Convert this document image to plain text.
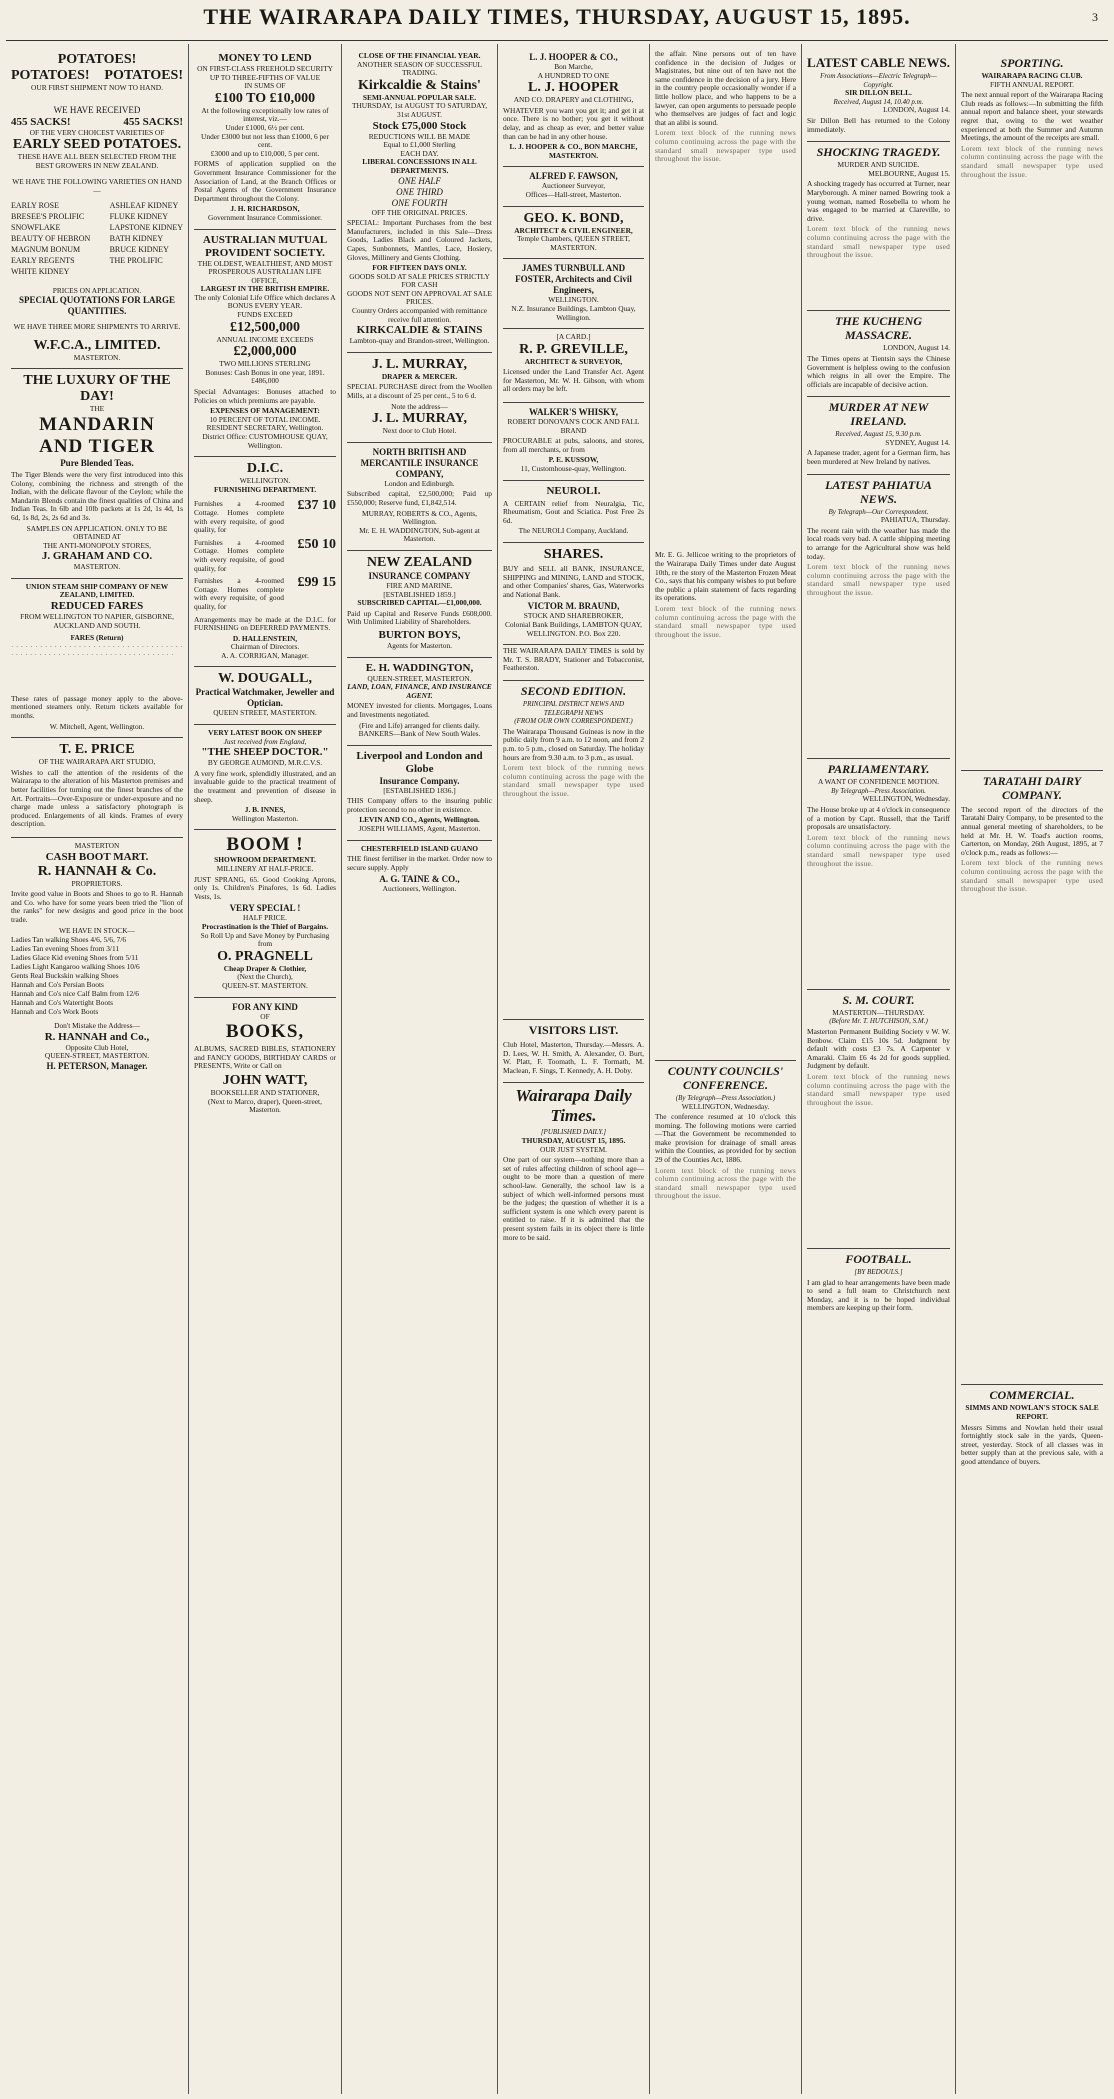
THE WAIRARAPA DAILY TIMES, THURSDAY, AUGUST 15, 1895.	3
POTATOES!
POTATOES! POTATOES!
OUR FIRST SHIPMENT NOW TO HAND.
WE HAVE RECEIVED
455 SACKS!	455 SACKS!
OF THE VERY CHOICEST VARIETIES OF
EARLY SEED POTATOES.
THESE HAVE ALL BEEN SELECTED FROM THE BEST GROWERS IN NEW ZEALAND.
WE HAVE THE FOLLOWING VARIETIES ON HAND—
EARLY ROSE
BRESEE'S PROLIFIC
SNOWFLAKE
BEAUTY OF HEBRON
MAGNUM BONUM
EARLY REGENTS
WHITE KIDNEY
ASHLEAF KIDNEY
FLUKE KIDNEY
LAPSTONE KIDNEY
BATH KIDNEY
BRUCE KIDNEY
THE PROLIFIC
PRICES ON APPLICATION.
SPECIAL QUOTATIONS FOR LARGE QUANTITIES.
WE HAVE THREE MORE SHIPMENTS TO ARRIVE.
W.F.C.A., LIMITED.
MASTERTON.
THE LUXURY OF THE DAY!
THE
MANDARIN
AND TIGER
Pure Blended Teas.
The Tiger Blends were the very first introduced into this Colony, combining the richness and strength of the Indian, with the delicate flavour of the Ceylon; while the Mandarin Blends contain the finest qualities of China and Indian Teas. In 6lb and 10lb packets at 1s 2d, 1s 4d, 1s 6d, 1s 8d, 2s, 2s 6d and 3s.
SAMPLES ON APPLICATION. ONLY TO BE OBTAINED AT
THE ANTI-MONOPOLY STORES,
J. GRAHAM AND CO.
MASTERTON.
UNION STEAM SHIP COMPANY OF NEW ZEALAND, LIMITED.
REDUCED FARES
FROM WELLINGTON TO NAPIER, GISBORNE, AUCKLAND AND SOUTH.
FARES (Return)
· · · · · · · · · · · · · · · · · · · · · · · · · · · · · · · · · · · · · · · · · · · · · · · · · · · · · · · · · · · · · · · · · · · · · · ·
These rates of passage money apply to the above-mentioned steamers only. Return tickets available for months.
W. Mitchell, Agent, Wellington.
T. E. PRICE
OF THE WAIRARAPA ART STUDIO,
Wishes to call the attention of the residents of the Wairarapa to the alteration of his Masterton premises and better facilities for turning out the finest branches of the Art. Portraits—Over-Exposure or under-exposure and no charge made unless a satisfactory photograph is produced. Enlargements of all kinds. Frames of every description.
MASTERTON
CASH BOOT MART.
R. HANNAH & Co.
PROPRIETORS.
Invite good value in Boots and Shoes to go to R. Hannah and Co. who have for some years been tried the "lion of the ranks" for new designs and good price in the boot trade.
WE HAVE IN STOCK—
Ladies Tan walking Shoes 4/6, 5/6, 7/6
Ladies Tan evening Shoes from 3/11
Ladies Glace Kid evening Shoes from 5/11
Ladies Light Kangaroo walking Shoes 10/6
Gents Real Buckskin walking Shoes
Hannah and Co's Persian Boots
Hannah and Co's nice Calf Balm from 12/6
Hannah and Co's Watertight Boots
Hannah and Co's Work Boots
Don't Mistake the Address—
R. HANNAH and Co.,
Opposite Club Hotel,
QUEEN-STREET, MASTERTON.
H. PETERSON, Manager.
MONEY TO LEND
ON FIRST-CLASS FREEHOLD SECURITY
UP TO THREE-FIFTHS OF VALUE
IN SUMS OF
£100 TO £10,000
At the following exceptionally low rates of interest, viz.—
Under £1000, 6½ per cent.
Under £3000 but not less than £1000, 6 per cent.
£3000 and up to £10,000, 5 per cent.
FORMS of application supplied on the Government Insurance Commissioner for the Association of Land, at the Branch Offices or Postal Agents of the Government Insurance Department throughout the Colony.
J. H. RICHARDSON,
Government Insurance Commissioner.
AUSTRALIAN MUTUAL PROVIDENT SOCIETY.
THE OLDEST, WEALTHIEST, AND MOST PROSPEROUS AUSTRALIAN LIFE OFFICE,
LARGEST IN THE BRITISH EMPIRE.
The only Colonial Life Office which declares A BONUS EVERY YEAR.
FUNDS EXCEED
£12,500,000
ANNUAL INCOME EXCEEDS
£2,000,000
TWO MILLIONS STERLING
Bonuses: Cash Bonus in one year, 1891. £486,000
Special Advantages: Bonuses attached to Policies on which premiums are payable.
EXPENSES OF MANAGEMENT:
10 PERCENT OF TOTAL INCOME.
RESIDENT SECRETARY, Wellington.
District Office: CUSTOMHOUSE QUAY, Wellington.
D.I.C.
WELLINGTON.
FURNISHING DEPARTMENT.
Furnishes a 4-roomed Cottage. Homes complete with every requisite, of good quality, for
£37 10
Furnishes a 4-roomed Cottage. Homes complete with every requisite, of good quality, for
£50 10
Furnishes a 4-roomed Cottage. Homes complete with every requisite, of good quality, for
£99 15
Arrangements may be made at the D.I.C. for FURNISHING on DEFERRED PAYMENTS.
D. HALLENSTEIN,
Chairman of Directors.
A. A. CORRIGAN, Manager.
W. DOUGALL,
Practical Watchmaker, Jeweller and Optician.
QUEEN STREET, MASTERTON.
VERY LATEST BOOK ON SHEEP
Just received from England,
"THE SHEEP DOCTOR."
BY GEORGE AUMOND, M.R.C.V.S.
A very fine work, splendidly illustrated, and an invaluable guide to the practical treatment of the treatment and prevention of disease in sheep.
J. B. INNES,
Wellington Masterton.
BOOM !
SHOWROOM DEPARTMENT.
MILLINERY AT HALF-PRICE.
JUST SPRANG, 65. Good Cooking Aprons, only 1s. Children's Pinafores, 1s 6d. Ladies Vests, 1s.
VERY SPECIAL !
HALF PRICE.
Procrastination is the Thief of Bargains.
So Roll Up and Save Money by Purchasing from
O. PRAGNELL
Cheap Draper & Clothier,
(Next the Church),
QUEEN-ST. MASTERTON.
FOR ANY KIND
OF
BOOKS,
ALBUMS, SACRED BIBLES, STATIONERY and FANCY GOODS, BIRTHDAY CARDS or PRESENTS, Write or Call on
JOHN WATT,
BOOKSELLER AND STATIONER,
(Next to Marco, draper), Queen-street, Masterton.
CLOSE OF THE FINANCIAL YEAR.
ANOTHER SEASON OF SUCCESSFUL TRADING.
Kirkcaldie & Stains'
SEMI-ANNUAL POPULAR SALE.
THURSDAY, 1st AUGUST TO SATURDAY, 31st AUGUST.
Stock £75,000 Stock
REDUCTIONS WILL BE MADE
Equal to £1,000 Sterling
EACH DAY.
LIBERAL CONCESSIONS IN ALL DEPARTMENTS.
ONE HALF
ONE THIRD
ONE FOURTH
OFF THE ORIGINAL PRICES.
SPECIAL: Important Purchases from the best Manufacturers, included in this Sale—Dress Goods, Ladies Black and Coloured Jackets, Capes, Sunbonnets, Mantles, Lace, Hosiery, Gloves, Millinery and Gents Clothing.
FOR FIFTEEN DAYS ONLY.
GOODS SOLD AT SALE PRICES STRICTLY FOR CASH
GOODS NOT SENT ON APPROVAL AT SALE PRICES.
Country Orders accompanied with remittance receive full attention.
KIRKCALDIE & STAINS
Lambton-quay and Brandon-street, Wellington.
J. L. MURRAY,
DRAPER & MERCER.
SPECIAL PURCHASE direct from the Woollen Mills, at a discount of 25 per cent., 5 to 6 d.
Note the address—
J. L. MURRAY,
Next door to Club Hotel.
NORTH BRITISH AND MERCANTILE INSURANCE COMPANY,
London and Edinburgh.
Subscribed capital, £2,500,000; Paid up £550,000; Reserve fund, £1,842,514.
MURRAY, ROBERTS & CO., Agents, Wellington.
Mr. E. H. WADDINGTON, Sub-agent at Masterton.
NEW ZEALAND
INSURANCE COMPANY
FIRE AND MARINE.
[ESTABLISHED 1859.]
SUBSCRIBED CAPITAL—£1,000,000.
Paid up Capital and Reserve Funds £608,000. With Unlimited Liability of Shareholders.
BURTON BOYS,
Agents for Masterton.
E. H. WADDINGTON,
QUEEN-STREET, MASTERTON.
LAND, LOAN, FINANCE, AND INSURANCE AGENT.
MONEY invested for clients. Mortgages, Loans and Investments negotiated.
(Fire and Life) arranged for clients daily.
BANKERS—Bank of New South Wales.
Liverpool and London and Globe
Insurance Company.
[ESTABLISHED 1836.]
THIS Company offers to the insuring public protection second to no other in existence.
LEVIN AND CO., Agents, Wellington.
JOSEPH WILLIAMS, Agent, Masterton.
CHESTERFIELD ISLAND GUANO
THE finest fertiliser in the market. Order now to secure supply. Apply
A. G. TAINE & CO.,
Auctioneers, Wellington.
L. J. HOOPER & CO.,
Bon Marche,
A HUNDRED TO ONE
L. J. HOOPER
AND CO. DRAPERY and CLOTHING,
WHATEVER you want you get it; and get it at once. There is no bother; you get it without delay, and as cheap as ever, and better value than can be had in any other house.
L. J. HOOPER & CO., BON MARCHE, MASTERTON.
ALFRED F. FAWSON,
Auctioneer Surveyor,
Offices—Hall-street, Masterton.
GEO. K. BOND,
ARCHITECT & CIVIL ENGINEER,
Temple Chambers, QUEEN STREET, MASTERTON.
JAMES TURNBULL AND FOSTER, Architects and Civil Engineers,
WELLINGTON.
N.Z. Insurance Buildings, Lambton Quay, Wellington.
[A CARD.]
R. P. GREVILLE,
ARCHITECT & SURVEYOR,
Licensed under the Land Transfer Act. Agent for Masterton, Mr. W. H. Gibson, with whom all orders may be left.
WALKER'S WHISKY,
ROBERT DONOVAN'S COCK AND FALL BRAND
PROCURABLE at pubs, saloons, and stores, from all merchants, or from
P. E. KUSSOW,
11, Customhouse-quay, Wellington.
NEUROLI.
A CERTAIN relief from Neuralgia, Tic, Rheumatism, Gout and Sciatica. Post Free 2s 6d.
The NEUROLI Company, Auckland.
SHARES.
BUY and SELL all BANK, INSURANCE, SHIPPING and MINING, LAND and STOCK, and other Companies' shares, Gas, Waterworks and National Bank.
VICTOR M. BRAUND,
STOCK AND SHAREBROKER,
Colonial Bank Buildings, LAMBTON QUAY, WELLINGTON. P.O. Box 220.
THE WAIRARAPA DAILY TIMES is sold by Mr. T. S. BRADY, Stationer and Tobacconist, Featherston.
SECOND EDITION.
PRINCIPAL DISTRICT NEWS AND TELEGRAPH NEWS
(FROM OUR OWN CORRESPONDENT.)
The Wairarapa Thousand Guineas is now in the public daily from 9 a.m. to 12 noon, and from 2 p.m. to 5 p.m., closed on Saturday. The holiday hours are from 9.30 a.m. to 3 p.m., as usual.
Lorem text block of the running news column continuing across the page with the standard small newspaper type used throughout the issue.
VISITORS LIST.
Club Hotel, Masterton, Thursday.—Messrs. A. D. Lees, W. H. Smith, A. Alexander, O. Burt, W. Platt, F. Toomath, L. F. Tormath, M. Maclean, F. Sings, T. Kennedy, A. H. Doby.
Wairarapa Daily Times.
[PUBLISHED DAILY.]
THURSDAY, AUGUST 15, 1895.
OUR JUST SYSTEM.
One part of our system—nothing more than a set of rules affecting children of school age—ought to be more than a question of mere school-law. Generally, the school law is a subject of which well-informed persons must be the judges; the question of whether it is a sufficient system is one which every parent is entitled to raise. If it is admitted that the present system fails in its object there is little more to be said.
the affair. Nine persons out of ten have confidence in the decision of Judges or Magistrates, but nine out of ten have not the same confidence in the decision of a jury. Here in the country people occasionally wonder if a little hollow place, and who happens to be a lawyer, can open arguments to persuade people who themselves are judges of fact and logic that an alibi is sound.
Lorem text block of the running news column continuing across the page with the standard small newspaper type used throughout the issue.
Mr. E. G. Jellicoe writing to the proprietors of the Wairarapa Daily Times under date August 10th, re the story of the Masterton Frozen Meat Co., says that his company wishes to put before the public a plain statement of facts regarding its operations.
Lorem text block of the running news column continuing across the page with the standard small newspaper type used throughout the issue.
COUNTY COUNCILS' CONFERENCE.
(By Telegraph—Press Association.)
WELLINGTON, Wednesday.
The conference resumed at 10 o'clock this morning. The following motions were carried—That the Government be recommended to make provision for drainage of small areas within the Counties, as provided for by section 29 of the Counties Act, 1886.
Lorem text block of the running news column continuing across the page with the standard small newspaper type used throughout the issue.
LATEST CABLE NEWS.
From Associations—Electric Telegraph—Copyright.
SIR DILLON BELL.
Received, August 14, 10.40 p.m.
LONDON, August 14.
Sir Dillon Bell has returned to the Colony immediately.
SHOCKING TRAGEDY.
MURDER AND SUICIDE.
MELBOURNE, August 15.
A shocking tragedy has occurred at Turner, near Maryborough. A miner named Bowring took a young woman, named Rosebella to whom he was engaged to be married at Clareville, to drive.
Lorem text block of the running news column continuing across the page with the standard small newspaper type used throughout the issue.
THE KUCHENG MASSACRE.
LONDON, August 14.
The Times opens at Tientsin says the Chinese Government is helpless owing to the confusion which reigns in all over the Empire. The officials are incapable of decisive action.
MURDER AT NEW IRELAND.
Received, August 15, 9.30 p.m.
SYDNEY, August 14.
A Japanese trader, agent for a German firm, has been murdered at New Ireland by natives.
LATEST PAHIATUA NEWS.
By Telegraph—Our Correspondent.
PAHIATUA, Thursday.
The recent rain with the weather has made the local roads very bad. A cattle shipping meeting to arrange for the Agricultural show was held today.
Lorem text block of the running news column continuing across the page with the standard small newspaper type used throughout the issue.
PARLIAMENTARY.
A WANT OF CONFIDENCE MOTION.
By Telegraph—Press Association.
WELLINGTON, Wednesday.
The House broke up at 4 o'clock in consequence of a motion by Capt. Russell, that the Tariff proposals are unsatisfactory.
Lorem text block of the running news column continuing across the page with the standard small newspaper type used throughout the issue.
S. M. COURT.
MASTERTON—THURSDAY.
(Before Mr. T. HUTCHISON, S.M.)
Masterton Permanent Building Society v W. W. Benbow. Claim £15 10s 5d. Judgment by default with costs £3 7s. A Carpenter v Amaraki. Claim £6 4s 2d for goods supplied. Judgment by default.
Lorem text block of the running news column continuing across the page with the standard small newspaper type used throughout the issue.
FOOTBALL.
[BY BEDOULS.]
I am glad to hear arrangements have been made to send a full team to Christchurch next Monday, and it is to be hoped individual members are keeping up their form.
SPORTING.
WAIRARAPA RACING CLUB.
FIFTH ANNUAL REPORT.
The next annual report of the Wairarapa Racing Club reads as follows:—In submitting the fifth annual report and balance sheet, your stewards regret that, owing to the wet weather experienced at both the Summer and Autumn Meetings, the amount of the receipts are small.
Lorem text block of the running news column continuing across the page with the standard small newspaper type used throughout the issue.
TARATAHI DAIRY COMPANY.
The second report of the directors of the Taratahi Dairy Company, to be presented to the annual general meeting of shareholders, to be held at Mr. H. W. Toad's auction rooms, Carterton, on Monday, 26th August, 1895, at 7 o'clock p.m., reads as follows:—
Lorem text block of the running news column continuing across the page with the standard small newspaper type used throughout the issue.
COMMERCIAL.
SIMMS AND NOWLAN'S STOCK SALE REPORT.
Messrs Simms and Nowlan held their usual fortnightly stock sale in the yards, Queen-street, yesterday. Stock of all classes was in better supply than at the previous sale, with a good attendance of buyers.
